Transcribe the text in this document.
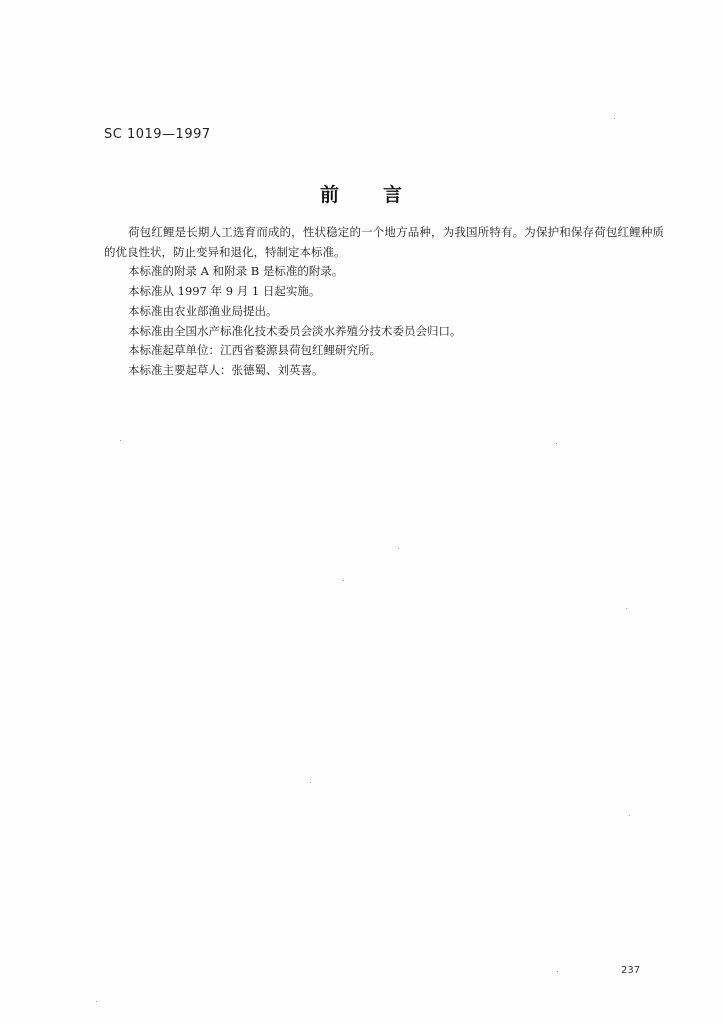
SC 1019—1997
前言

荷包红鲤是长期人工选育而成的，性状稳定的一个地方品种，为我国所特有。为保护和保存荷包红鲤种质的优良性状，防止变异和退化，特制定本标准。

本标准的附录 A 和附录 B 是标准的附录。

本标准从 1997 年 9 月 1 日起实施。

本标准由农业部渔业局提出。

本标准由全国水产标准化技术委员会淡水养殖分技术委员会归口。

本标准起草单位：江西省婺源县荷包红鲤研究所。

本标准主要起草人：张德蜀、刘英喜。

237
